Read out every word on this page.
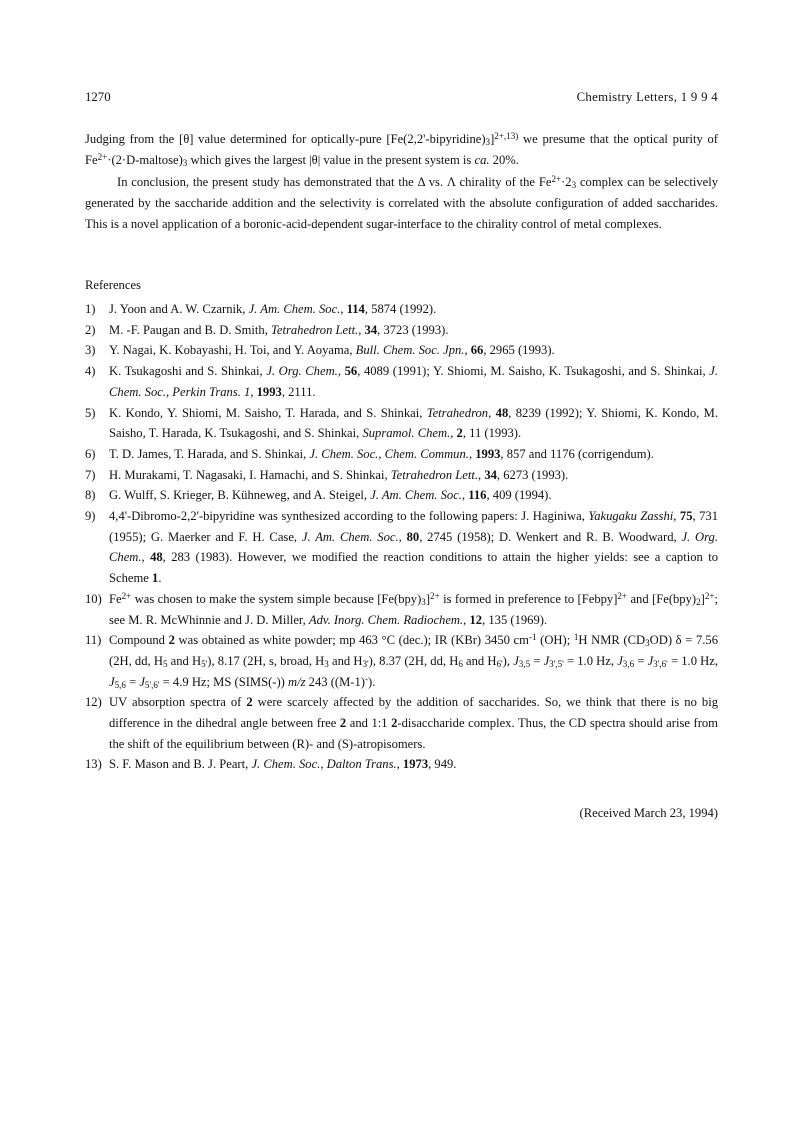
1270	Chemistry Letters, 1 9 9 4

Judging from the [θ] value determined for optically-pure $[Fe(2,2'-bipyridine)_3]^{2+,13)}$ we presume that the optical purity of $Fe^{2+}\cdot(2\cdot D-maltose)_3$ which gives the largest |θ| value in the present system is ca. 20%.

In conclusion, the present study has demonstrated that the Δ vs. Λ chirality of the $Fe^{2+}\cdot 2_3$ complex can be selectively generated by the saccharide addition and the selectivity is correlated with the absolute configuration of added saccharides. This is a novel application of a boronic-acid-dependent sugar-interface to the chirality control of metal complexes.

References
1) J. Yoon and A. W. Czarnik, J. Am. Chem. Soc., 114, 5874 (1992).
2) M. -F. Paugan and B. D. Smith, Tetrahedron Lett., 34, 3723 (1993).
3) Y. Nagai, K. Kobayashi, H. Toi, and Y. Aoyama, Bull. Chem. Soc. Jpn., 66, 2965 (1993).
4) K. Tsukagoshi and S. Shinkai, J. Org. Chem., 56, 4089 (1991); Y. Shiomi, M. Saisho, K. Tsukagoshi, and S. Shinkai, J. Chem. Soc., Perkin Trans. 1, 1993, 2111.
5) K. Kondo, Y. Shiomi, M. Saisho, T. Harada, and S. Shinkai, Tetrahedron, 48, 8239 (1992); Y. Shiomi, K. Kondo, M. Saisho, T. Harada, K. Tsukagoshi, and S. Shinkai, Supramol. Chem., 2, 11 (1993).
6) T. D. James, T. Harada, and S. Shinkai, J. Chem. Soc., Chem. Commun., 1993, 857 and 1176 (corrigendum).
7) H. Murakami, T. Nagasaki, I. Hamachi, and S. Shinkai, Tetrahedron Lett., 34, 6273 (1993).
8) G. Wulff, S. Krieger, B. Kühneweg, and A. Steigel, J. Am. Chem. Soc., 116, 409 (1994).
9) 4,4'-Dibromo-2,2'-bipyridine was synthesized according to the following papers: J. Haginiwa, Yakugaku Zasshi, 75, 731 (1955); G. Maerker and F. H. Case, J. Am. Chem. Soc., 80, 2745 (1958); D. Wenkert and R. B. Woodward, J. Org. Chem., 48, 283 (1983). However, we modified the reaction conditions to attain the higher yields: see a caption to Scheme 1.
10) $Fe^{2+}$ was chosen to make the system simple because $[Fe(bpy)_3]^{2+}$ is formed in preference to [Febpy]$^{2+}$ and $[Fe(bpy)_2]^{2+}$; see M. R. McWhinnie and J. D. Miller, Adv. Inorg. Chem. Radiochem., 12, 135 (1969).
11) Compound 2 was obtained as white powder; mp 463 °C (dec.); IR (KBr) 3450 $cm^{-1}$ (OH); $^1$H NMR $(CD_3OD) \delta = 7.56$ (2H, dd, $H_5$ and $H_{5'}$), 8.17 (2H, s, broad, $H_3$ and $H_{3'}$), 8.37 (2H, dd, $H_6$ and $H_{6'}$), $J_{3,5} = J_{3',5'} = 1.0$ Hz, $J_{3,6} = J_{3',6'} = 1.0$ Hz, $J_{5,6} = J_{5',6'} = 4.9$ Hz; MS (SIMS(-)) m/z 243 ((M-1)-).
12) UV absorption spectra of 2 were scarcely affected by the addition of saccharides. So, we think that there is no big difference in the dihedral angle between free 2 and 1:1 2-disaccharide complex. Thus, the CD spectra should arise from the shift of the equilibrium between (R)- and (S)-atropisomers.
13) S. F. Mason and B. J. Peart, J. Chem. Soc., Dalton Trans., 1973, 949.
(Received March 23, 1994)
